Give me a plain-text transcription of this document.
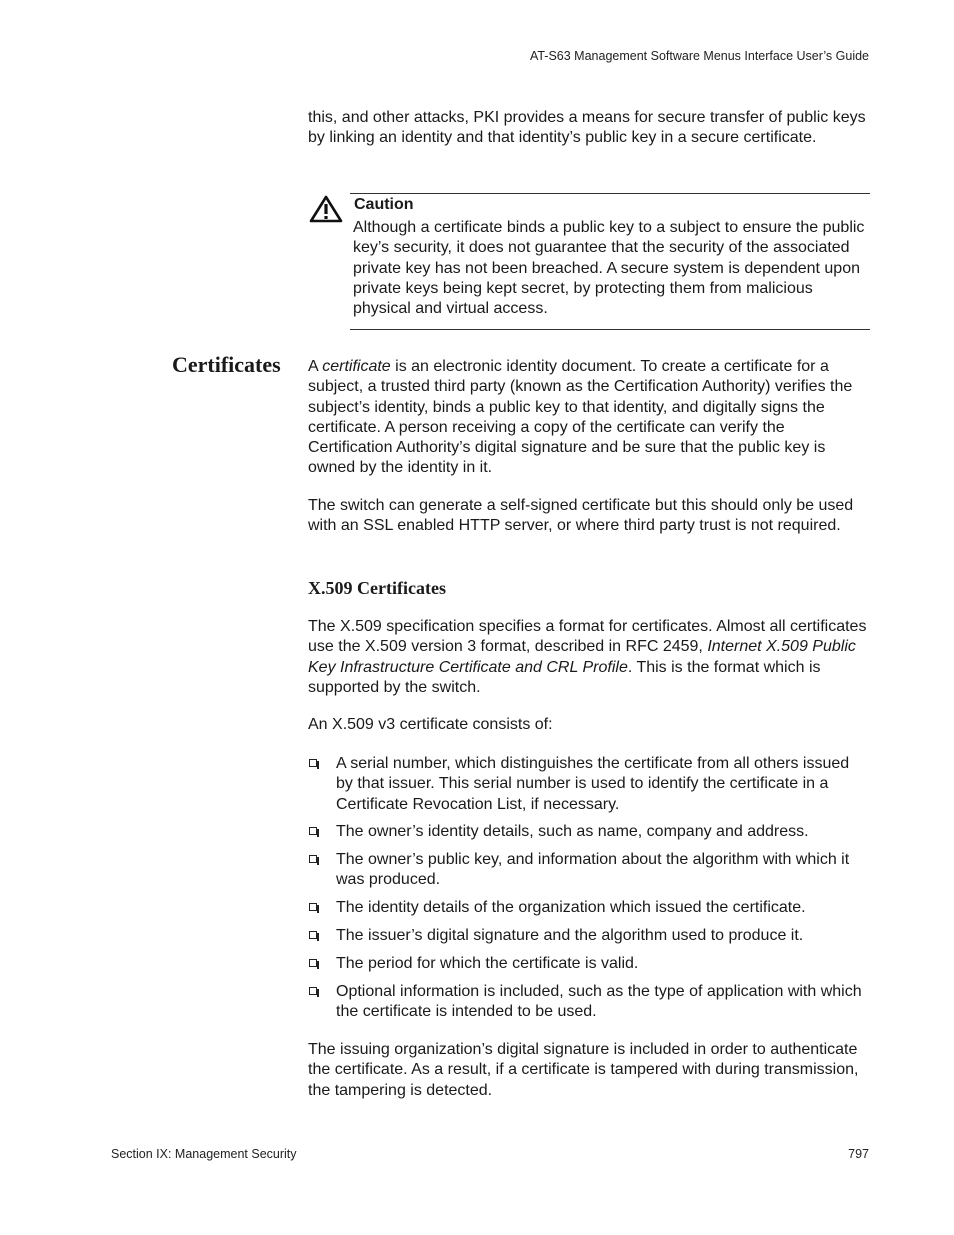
AT-S63 Management Software Menus Interface User’s Guide

this, and other attacks, PKI provides a means for secure transfer of public keys by linking an identity and that identity’s public key in a secure certificate.

Caution

Although a certificate binds a public key to a subject to ensure the public key’s security, it does not guarantee that the security of the associated private key has not been breached. A secure system is dependent upon private keys being kept secret, by protecting them from malicious physical and virtual access.

Certificates A certificate is an electronic identity document. To create a certificate for a subject, a trusted third party (known as the Certification Authority) verifies the subject’s identity, binds a public key to that identity, and digitally signs the certificate. A person receiving a copy of the certificate can verify the Certification Authority’s digital signature and be sure that the public key is owned by the identity in it.

The switch can generate a self-signed certificate but this should only be used with an SSL enabled HTTP server, or where third party trust is not required.

X.509 Certificates

The X.509 specification specifies a format for certificates. Almost all certificates use the X.509 version 3 format, described in RFC 2459, Internet X.509 Public Key Infrastructure Certificate and CRL Profile. This is the format which is supported by the switch.

An X.509 v3 certificate consists of:

A serial number, which distinguishes the certificate from all others issued by that issuer. This serial number is used to identify the certificate in a Certificate Revocation List, if necessary.

The owner’s identity details, such as name, company and address.

The owner’s public key, and information about the algorithm with which it was produced.

The identity details of the organization which issued the certificate.

The issuer’s digital signature and the algorithm used to produce it.

The period for which the certificate is valid.

Optional information is included, such as the type of application with which the certificate is intended to be used.

The issuing organization’s digital signature is included in order to authenticate the certificate. As a result, if a certificate is tampered with during transmission, the tampering is detected.

Section IX: Management Security	797
